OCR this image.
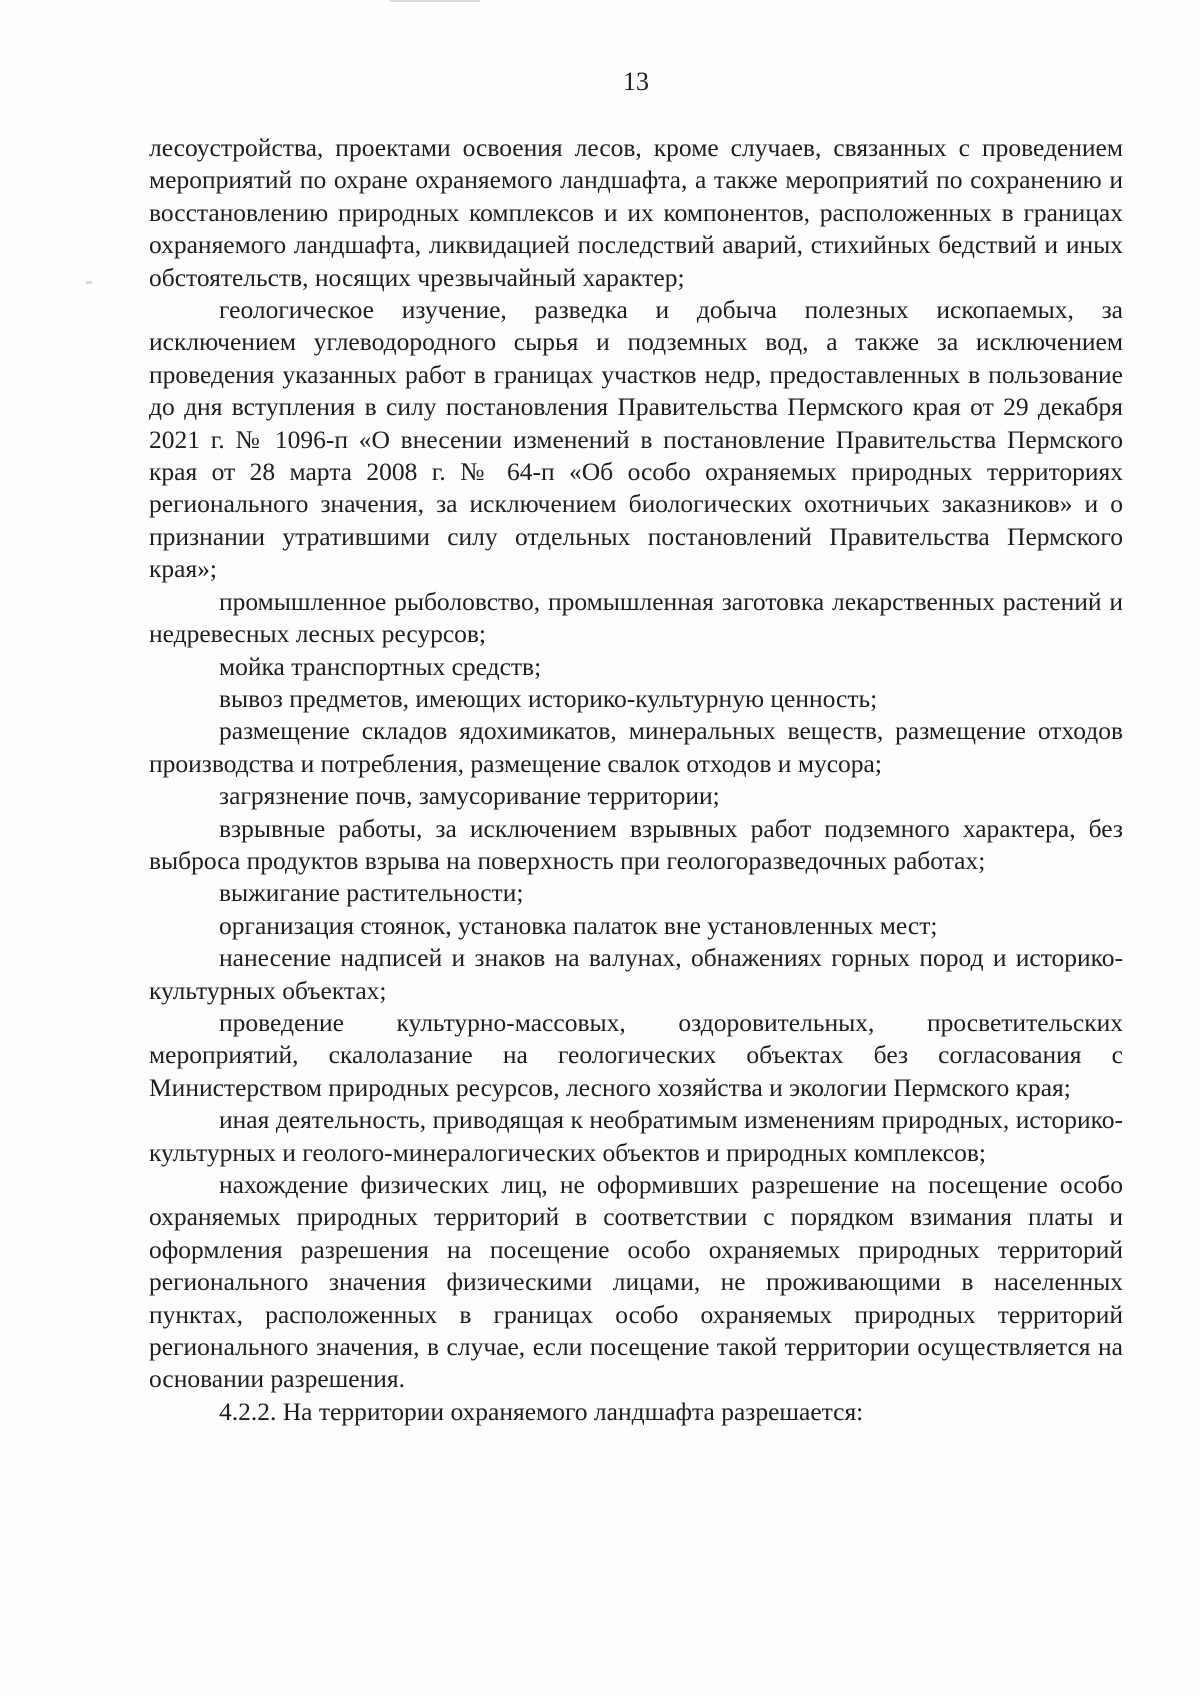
13

лесоустройства, проектами освоения лесов, кроме случаев, связанных с проведением мероприятий по охране охраняемого ландшафта, а также мероприятий по сохранению и восстановлению природных комплексов и их компонентов, расположенных в границах охраняемого ландшафта, ликвидацией последствий аварий, стихийных бедствий и иных обстоятельств, носящих чрезвычайный характер;

геологическое изучение, разведка и добыча полезных ископаемых, за исключением углеводородного сырья и подземных вод, а также за исключением проведения указанных работ в границах участков недр, предоставленных в пользование до дня вступления в силу постановления Правительства Пермского края от 29 декабря 2021 г. № 1096-п «О внесении изменений в постановление Правительства Пермского края от 28 марта 2008 г. № 64-п «Об особо охраняемых природных территориях регионального значения, за исключением биологических охотничьих заказников» и о признании утратившими силу отдельных постановлений Правительства Пермского края»;

промышленное рыболовство, промышленная заготовка лекарственных растений и недревесных лесных ресурсов;

мойка транспортных средств;

вывоз предметов, имеющих историко-культурную ценность;

размещение складов ядохимикатов, минеральных веществ, размещение отходов производства и потребления, размещение свалок отходов и мусора;

загрязнение почв, замусоривание территории;

взрывные работы, за исключением взрывных работ подземного характера, без выброса продуктов взрыва на поверхность при геологоразведочных работах;

выжигание растительности;

организация стоянок, установка палаток вне установленных мест;

нанесение надписей и знаков на валунах, обнажениях горных пород и историко-культурных объектах;

проведение культурно-массовых, оздоровительных, просветительских мероприятий, скалолазание на геологических объектах без согласования с Министерством природных ресурсов, лесного хозяйства и экологии Пермского края;

иная деятельность, приводящая к необратимым изменениям природных, историко-культурных и геолого-минералогических объектов и природных комплексов;

нахождение физических лиц, не оформивших разрешение на посещение особо охраняемых природных территорий в соответствии с порядком взимания платы и оформления разрешения на посещение особо охраняемых природных территорий регионального значения физическими лицами, не проживающими в населенных пунктах, расположенных в границах особо охраняемых природных территорий регионального значения, в случае, если посещение такой территории осуществляется на основании разрешения.

4.2.2. На территории охраняемого ландшафта разрешается:
